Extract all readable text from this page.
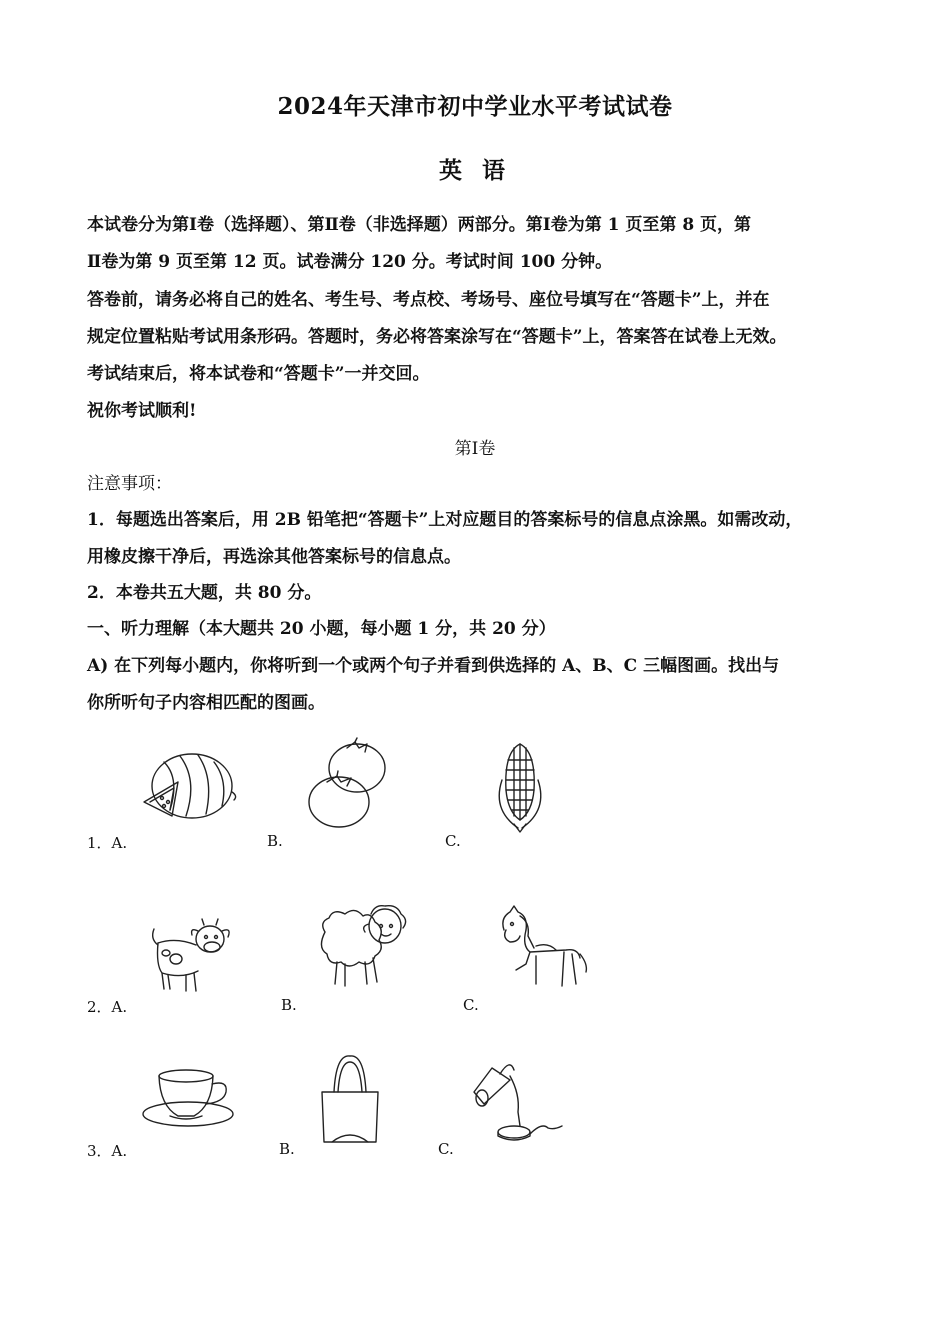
2024年天津市初中学业水平考试试卷
英 语
本试卷分为第Ⅰ卷（选择题）、第Ⅱ卷（非选择题）两部分。第Ⅰ卷为第 1 页至第 8 页，第
Ⅱ卷为第 9 页至第 12 页。试卷满分 120 分。考试时间 100 分钟。
答卷前，请务必将自己的姓名、考生号、考点校、考场号、座位号填写在“答题卡”上，并在
规定位置粘贴考试用条形码。答题时，务必将答案涂写在“答题卡”上，答案答在试卷上无效。
考试结束后，将本试卷和“答题卡”一并交回。
祝你考试顺利!
第Ⅰ卷
注意事项：
1．每题选出答案后，用 2B 铅笔把“答题卡”上对应题目的答案标号的信息点涂黑。如需改动，
用橡皮擦干净后，再选涂其他答案标号的信息点。
2．本卷共五大题，共 80 分。
一、听力理解（本大题共 20 小题，每小题 1 分，共 20 分）
A) 在下列每小题内，你将听到一个或两个句子并看到供选择的 A、B、C 三幅图画。找出与
你所听句子内容相匹配的图画。
1．A.	B.	C.
2．A.	B.	C.
3．A.	B.	C.
